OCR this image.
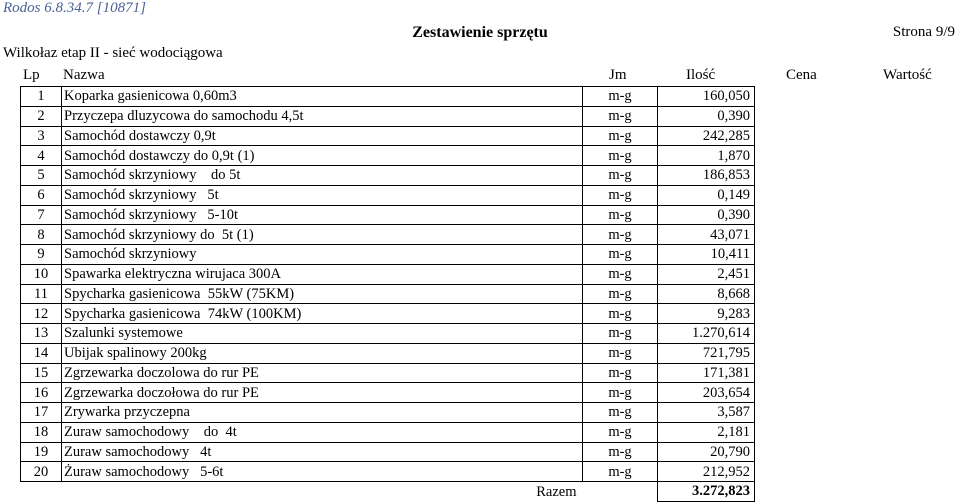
Rodos 6.8.34.7 [10871]
Zestawienie sprzętu	Strona 9/9
Wilkołaz etap II - sieć wodociągowa
Lp Nazwa	Jm	Ilość	Cena	Wartość
1	Koparka gasienicowa 0,60m3	m-g	160,050
2	Przyczepa dluzycowa do samochodu 4,5t	m-g	0,390
3	Samochód dostawczy 0,9t	m-g	242,285
4	Samochód dostawczy do 0,9t (1)	m-g	1,870
5	Samochód skrzyniowy    do 5t	m-g	186,853
6	Samochód skrzyniowy   5t	m-g	0,149
7	Samochód skrzyniowy   5-10t	m-g	0,390
8	Samochód skrzyniowy do  5t (1)	m-g	43,071
9	Samochód skrzyniowy	m-g	10,411
10	Spawarka elektryczna wirujaca 300A	m-g	2,451
11	Spycharka gasienicowa  55kW (75KM)	m-g	8,668
12	Spycharka gasienicowa  74kW (100KM)	m-g	9,283
13	Szalunki systemowe	m-g	1.270,614
14	Ubijak spalinowy 200kg	m-g	721,795
15	Zgrzewarka doczolowa do rur PE	m-g	171,381
16	Zgrzewarka doczołowa do rur PE	m-g	203,654
17	Zrywarka przyczepna	m-g	3,587
18	Zuraw samochodowy    do  4t	m-g	2,181
19	Zuraw samochodowy   4t	m-g	20,790
20	Żuraw samochodowy   5-6t	m-g	212,952
	Razem		3.272,823
